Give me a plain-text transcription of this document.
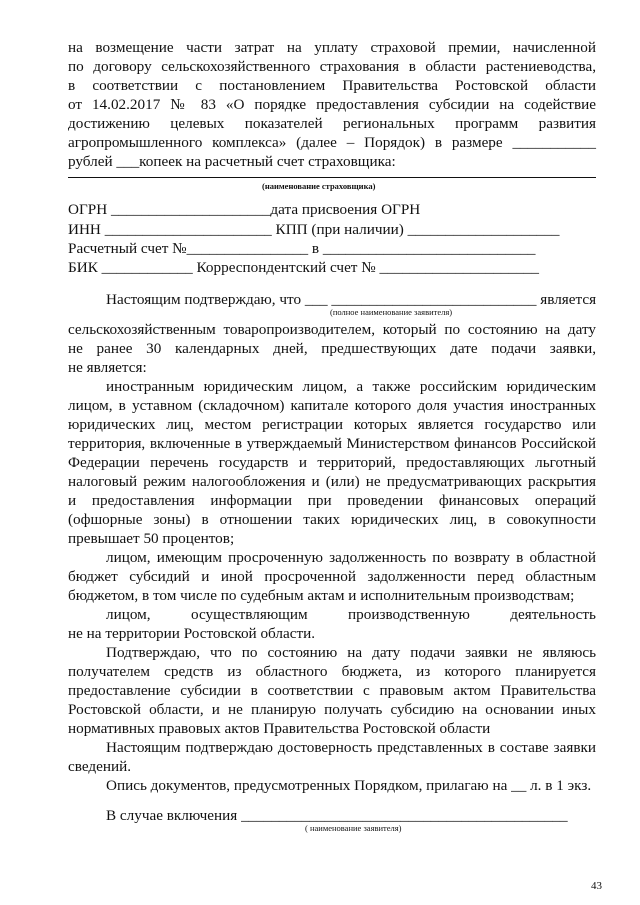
на возмещение части затрат на уплату страховой премии, начисленной
по договору сельскохозяйственного страхования в области растениеводства,
в соответствии с постановлением Правительства Ростовской области
от 14.02.2017 № 83 «О порядке предоставления субсидии на содействие
достижению целевых показателей региональных программ развития
агропромышленного комплекса» (далее – Порядок) в размере ___________
рублей ___копеек на расчетный счет страховщика:
(наименование страховщика)
ОГРН _____________________дата присвоения ОГРН
ИНН ______________________ КПП (при наличии) ____________________
Расчетный счет №________________ в ____________________________
БИК ____________ Корреспондентский счет № _____________________
Настоящим подтверждаю, что ___ ___________________________ является
(полное наименование заявителя)
сельскохозяйственным товаропроизводителем, который по состоянию на дату
не ранее 30 календарных дней, предшествующих дате подачи заявки,
не является:
иностранным юридическим лицом, а также российским юридическим
лицом, в уставном (складочном) капитале которого доля участия иностранных
юридических лиц, местом регистрации которых является государство или
территория, включенные в утверждаемый Министерством финансов Российской
Федерации перечень государств и территорий, предоставляющих льготный
налоговый режим налогообложения и (или) не предусматривающих раскрытия
и предоставления информации при проведении финансовых операций
(офшорные зоны) в отношении таких юридических лиц, в совокупности
превышает 50 процентов;
лицом, имеющим просроченную задолженность по возврату в областной
бюджет субсидий и иной просроченной задолженности перед областным
бюджетом, в том числе по судебным актам и исполнительным производствам;
лицом, осуществляющим производственную деятельность
не на территории Ростовской области.
Подтверждаю, что по состоянию на дату подачи заявки не являюсь
получателем средств из областного бюджета, из которого планируется
предоставление субсидии в соответствии с правовым актом Правительства
Ростовской области, и не планирую получать субсидию на основании иных
нормативных правовых актов Правительства Ростовской области
Настоящим подтверждаю достоверность представленных в составе заявки
сведений.
Опись документов, предусмотренных Порядком, прилагаю на __ л. в 1 экз.
В случае включения ___________________________________________
( наименование заявителя)
43
